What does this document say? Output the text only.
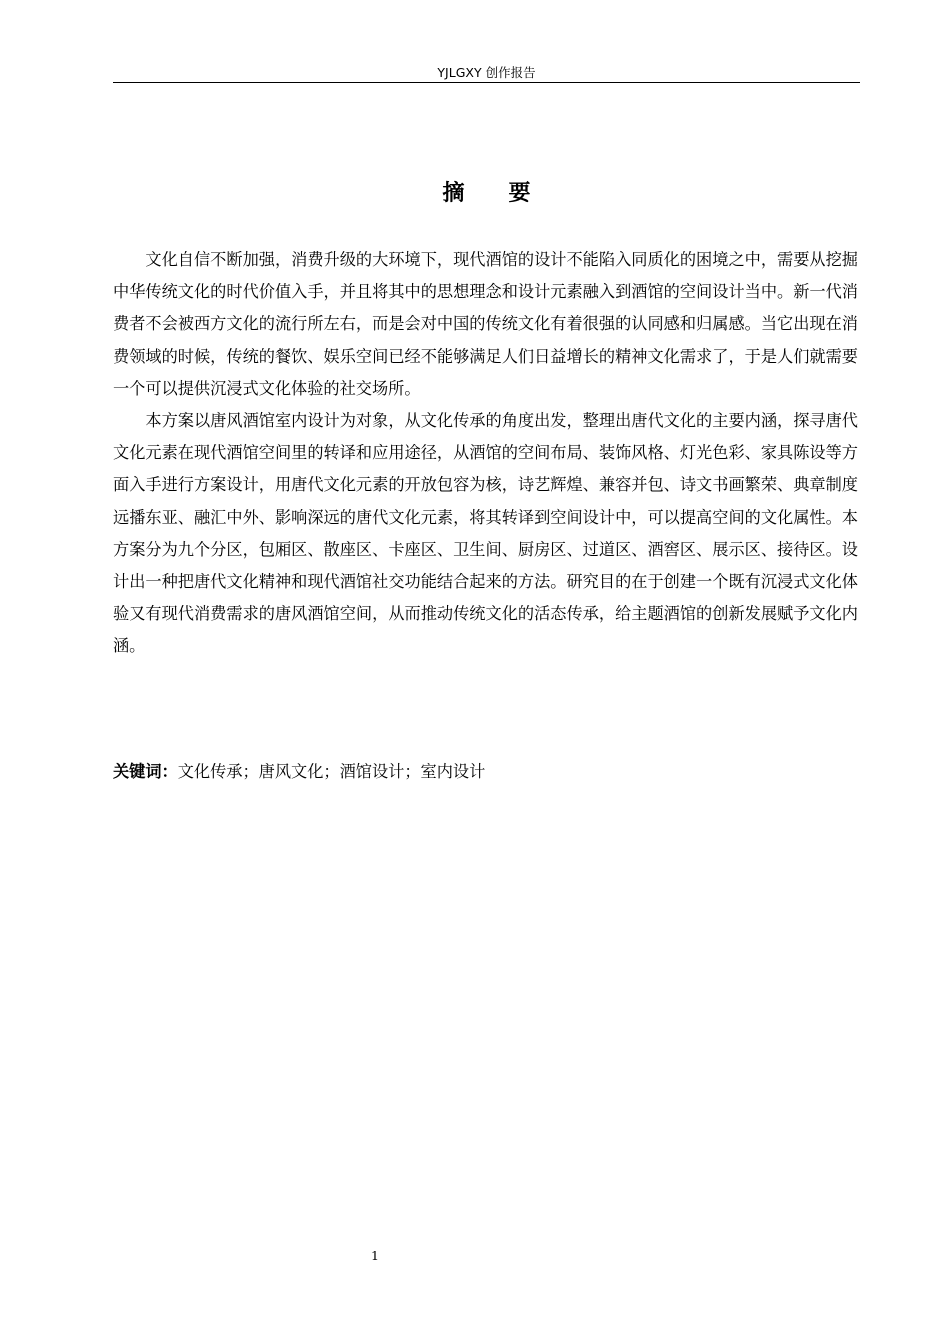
YJLGXY 创作报告
摘 要

文化自信不断加强，消费升级的大环境下，现代酒馆的设计不能陷入同质化的困境之中，需要从挖掘中华传统文化的时代价值入手，并且将其中的思想理念和设计元素融入到酒馆的空间设计当中。新一代消费者不会被西方文化的流行所左右，而是会对中国的传统文化有着很强的认同感和归属感。当它出现在消费领域的时候，传统的餐饮、娱乐空间已经不能够满足人们日益增长的精神文化需求了，于是人们就需要一个可以提供沉浸式文化体验的社交场所。

本方案以唐风酒馆室内设计为对象，从文化传承的角度出发，整理出唐代文化的主要内涵，探寻唐代文化元素在现代酒馆空间里的转译和应用途径，从酒馆的空间布局、装饰风格、灯光色彩、家具陈设等方面入手进行方案设计，用唐代文化元素的开放包容为核，诗艺辉煌、兼容并包、诗文书画繁荣、典章制度远播东亚、融汇中外、影响深远的唐代文化元素，将其转译到空间设计中，可以提高空间的文化属性。本方案分为九个分区，包厢区、散座区、卡座区、卫生间、厨房区、过道区、酒窖区、展示区、接待区。设计出一种把唐代文化精神和现代酒馆社交功能结合起来的方法。研究目的在于创建一个既有沉浸式文化体验又有现代消费需求的唐风酒馆空间，从而推动传统文化的活态传承，给主题酒馆的创新发展赋予文化内涵。

关键词：文化传承；唐风文化；酒馆设计；室内设计
1
